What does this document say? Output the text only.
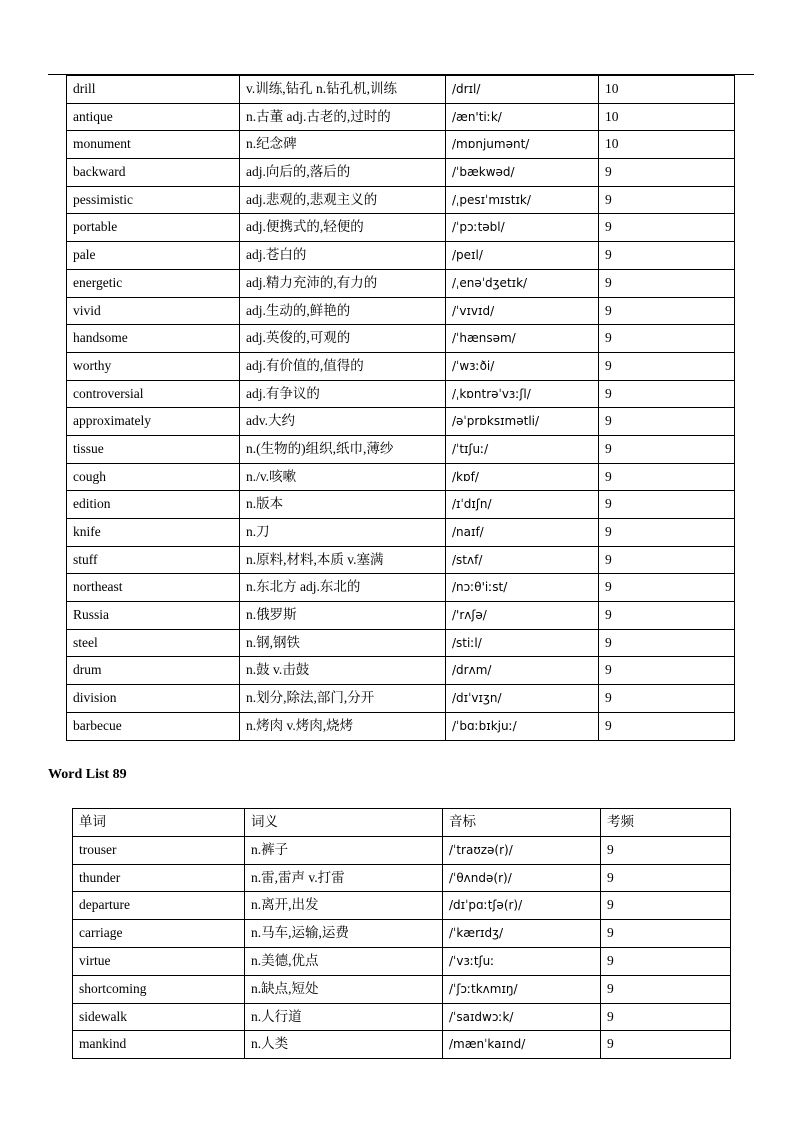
drill	v.训练,钻孔 n.钻孔机,训练	/drɪl/	10
antique	n.古董 adj.古老的,过时的	/æn'tiːk/	10
monument	n.纪念碑	/mɒnjumənt/	10
backward	adj.向后的,落后的	/ˈbækwəd/	9
pessimistic	adj.悲观的,悲观主义的	/ˌpesɪˈmɪstɪk/	9
portable	adj.便携式的,轻便的	/ˈpɔːtəbl/	9
pale	adj.苍白的	/peɪl/	9
energetic	adj.精力充沛的,有力的	/ˌenəˈdʒetɪk/	9
vivid	adj.生动的,鲜艳的	/ˈvɪvɪd/	9
handsome	adj.英俊的,可观的	/ˈhænsəm/	9
worthy	adj.有价值的,值得的	/ˈwɜːði/	9
controversial	adj.有争议的	/ˌkɒntrəˈvɜːʃl/	9
approximately	adv.大约	/əˈprɒksɪmətli/	9
tissue	n.(生物的)组织,纸巾,薄纱	/ˈtɪʃuː/	9
cough	n./v.咳嗽	/kɒf/	9
edition	n.版本	/ɪˈdɪʃn/	9
knife	n.刀	/naɪf/	9
stuff	n.原料,材料,本质 v.塞满	/stʌf/	9
northeast	n.东北方 adj.东北的	/nɔːθ'iːst/	9
Russia	n.俄罗斯	/'rʌʃə/	9
steel	n.钢,钢铁	/stiːl/	9
drum	n.鼓 v.击鼓	/drʌm/	9
division	n.划分,除法,部门,分开	/dɪˈvɪʒn/	9
barbecue	n.烤肉 v.烤肉,烧烤	/ˈbɑːbɪkjuː/	9
Word List 89
单词	词义	音标	考频
trouser	n.裤子	/ˈtraʊzə(r)/	9
thunder	n.雷,雷声 v.打雷	/ˈθʌndə(r)/	9
departure	n.离开,出发	/dɪˈpɑːtʃə(r)/	9
carriage	n.马车,运输,运费	/ˈkærɪdʒ/	9
virtue	n.美德,优点	/ˈvɜːtʃuː	9
shortcoming	n.缺点,短处	/ˈʃɔːtkʌmɪŋ/	9
sidewalk	n.人行道	/ˈsaɪdwɔːk/	9
mankind	n.人类	/mænˈkaɪnd/	9
